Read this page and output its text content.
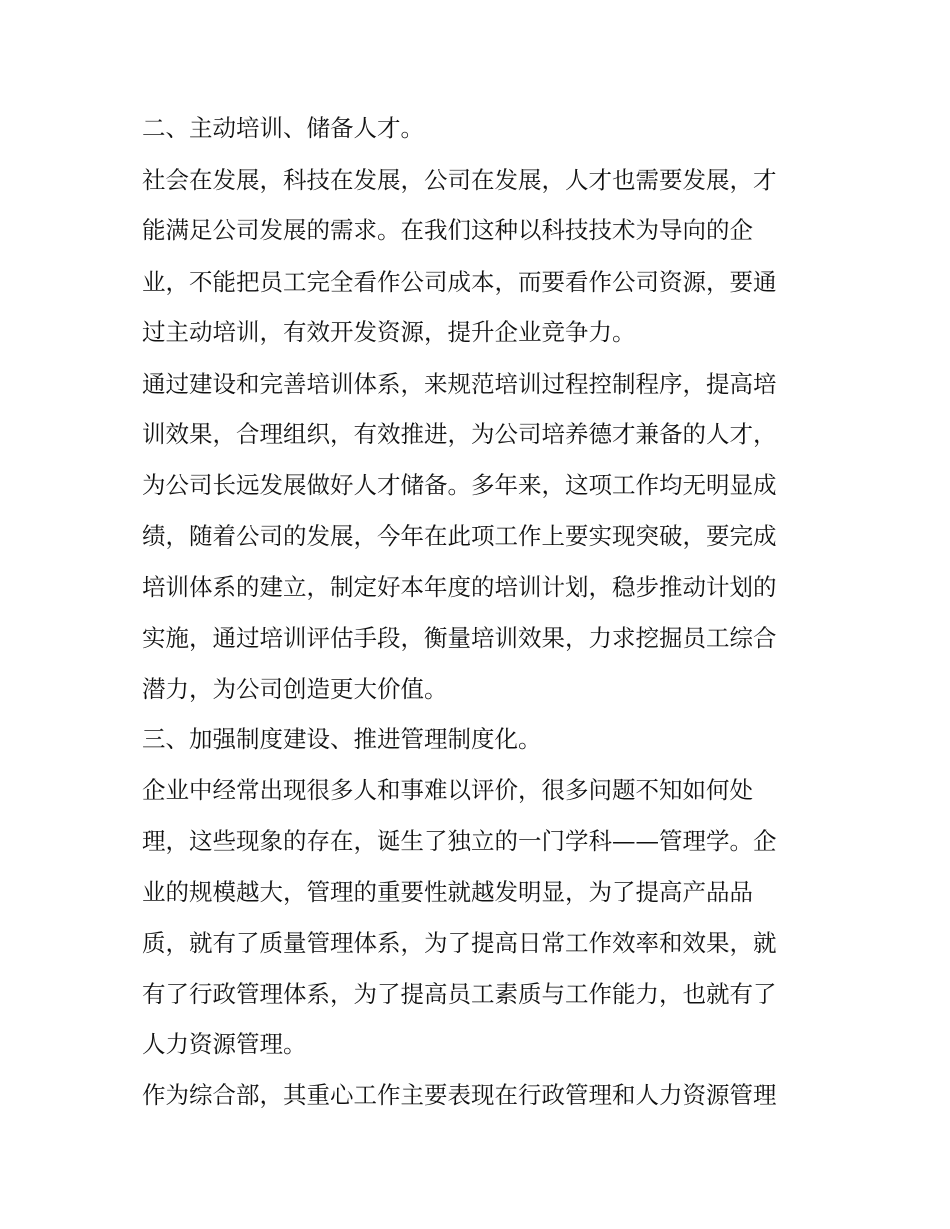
二、主动培训、储备人才。
社会在发展，科技在发展，公司在发展，人才也需要发展，才
能满足公司发展的需求。在我们这种以科技技术为导向的企
业，不能把员工完全看作公司成本，而要看作公司资源，要通
过主动培训，有效开发资源，提升企业竞争力。
通过建设和完善培训体系，来规范培训过程控制程序，提高培
训效果，合理组织，有效推进，为公司培养德才兼备的人才，
为公司长远发展做好人才储备。多年来，这项工作均无明显成
绩，随着公司的发展，今年在此项工作上要实现突破，要完成
培训体系的建立，制定好本年度的培训计划，稳步推动计划的
实施，通过培训评估手段，衡量培训效果，力求挖掘员工综合
潜力，为公司创造更大价值。
三、加强制度建设、推进管理制度化。
企业中经常出现很多人和事难以评价，很多问题不知如何处
理，这些现象的存在，诞生了独立的一门学科——管理学。企
业的规模越大，管理的重要性就越发明显，为了提高产品品
质，就有了质量管理体系，为了提高日常工作效率和效果，就
有了行政管理体系，为了提高员工素质与工作能力，也就有了
人力资源管理。
作为综合部，其重心工作主要表现在行政管理和人力资源管理
